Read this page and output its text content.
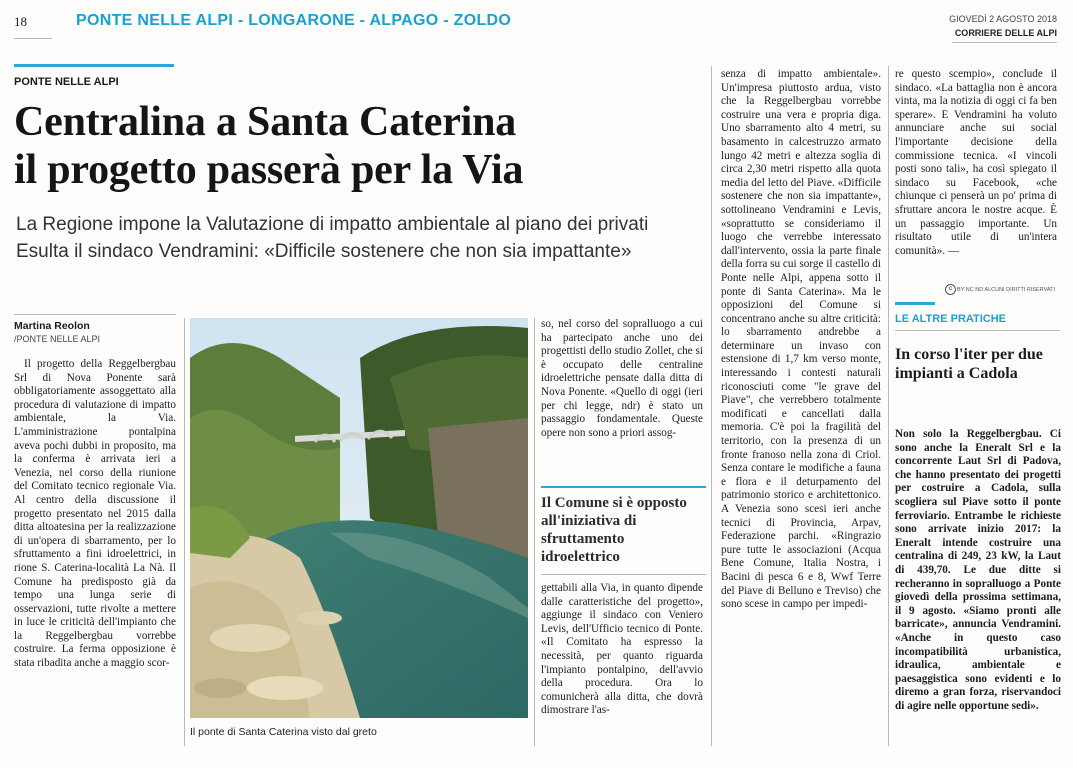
18	PONTE NELLE ALPI - LONGARONE - ALPAGO - ZOLDO	GIOVEDÌ 2 AGOSTO 2018
CORRIERE DELLE ALPI
PONTE NELLE ALPI
Centralina a Santa Caterina
il progetto passerà per la Via
La Regione impone la Valutazione di impatto ambientale al piano dei privati
Esulta il sindaco Vendramini: «Difficile sostenere che non sia impattante»
Martina Reolon
/PONTE NELLE ALPI

Il progetto della Reggelbergbau Srl di Nova Ponente sarà obbligatoriamente assoggettato alla procedura di valutazione di impatto ambientale, la Via. L'amministrazione pontalpina aveva pochi dubbi in proposito, ma la conferma è arrivata ieri a Venezia, nel corso della riunione del Comitato tecnico regionale Via. Al centro della discussione il progetto presentato nel 2015 dalla ditta altoatesina per la realizzazione di un'opera di sbarramento, per lo sfruttamento a fini idroelettrici, in rione S. Caterina-località La Nà. Il Comune ha predisposto già da tempo una lunga serie di osservazioni, tutte rivolte a mettere in luce le criticità dell'impianto che la Reggelbergbau vorrebbe costruire. La ferma opposizione è stata ribadita anche a maggio scor-

Il ponte di Santa Caterina visto dal greto

so, nel corso del sopralluogo a cui ha partecipato anche uno dei progettisti dello studio Zollet, che si è occupato delle centraline idroelettriche pensate dalla ditta di Nova Ponente. «Quello di oggi (ieri per chi legge, ndr) è stato un passaggio fondamentale. Queste opere non sono a priori assog-

Il Comune si è opposto all'iniziativa di sfruttamento idroelettrico

gettabili alla Via, in quanto dipende dalle caratteristiche del progetto», aggiunge il sindaco con Veniero Levis, dell'Ufficio tecnico di Ponte. «Il Comitato ha espresso la necessità, per quanto riguarda l'impianto pontalpino, dell'avvio della procedura. Ora lo comunicherà alla ditta, che dovrà dimostrare l'as-

senza di impatto ambientale». Un'impresa piuttosto ardua, visto che la Reggelbergbau vorrebbe costruire una vera e propria diga. Uno sbarramento alto 4 metri, su basamento in calcestruzzo armato lungo 42 metri e altezza soglia di circa 2,30 metri rispetto alla quota media del letto del Piave. «Difficile sostenere che non sia impattante», sottolineano Vendramini e Levis, «soprattutto se consideriamo il luogo che verrebbe interessato dall'intervento, ossia la parte finale della forra su cui sorge il castello di Ponte nelle Alpi, appena sotto il ponte di Santa Caterina». Ma le opposizioni del Comune si concentrano anche su altre criticità: lo sbarramento andrebbe a determinare un invaso con estensione di 1,7 km verso monte, interessando i contesti naturali riconosciuti come "le grave del Piave", che verrebbero totalmente modificati e cancellati dalla memoria. C'è poi la fragilità del territorio, con la presenza di un fronte franoso nella zona di Criol. Senza contare le modifiche a fauna e flora e il deturpamento del patrimonio storico e architettonico. A Venezia sono scesi ieri anche tecnici di Provincia, Arpav, Federazione parchi. «Ringrazio pure tutte le associazioni (Acqua Bene Comune, Italia Nostra, i Bacini di pesca 6 e 8, Wwf Terre del Piave di Belluno e Treviso) che sono scese in campo per impedi-

re questo scempio», conclude il sindaco. «La battaglia non è ancora vinta, ma la notizia di oggi ci fa ben sperare». E Vendramini ha voluto annunciare anche sui social l'importante decisione della commissione tecnica. «I vincoli posti sono tali», ha così spiegato il sindaco su Facebook, «che chiunque ci penserà un po' prima di sfruttare ancora le nostre acque. È un passaggio importante. Un risultato utile di un'intera comunità». —

c BY NC ND ALCUNI DIRITTI RISERVATI
LE ALTRE PRATICHE
In corso l'iter per due impianti a Cadola
Non solo la Reggelbergbau. Ci sono anche la Eneralt Srl e la concorrente Laut Srl di Padova, che hanno presentato dei progetti per costruire a Cadola, sulla scogliera sul Piave sotto il ponte ferroviario. Entrambe le richieste sono arrivate inizio 2017: la Eneralt intende costruire una centralina di 249, 23 kW, la Laut di 439,70. Le due ditte si recheranno in sopralluogo a Ponte giovedì della prossima settimana, il 9 agosto. «Siamo pronti alle barricate», annuncia Vendramini. «Anche in questo caso incompatibilità urbanistica, idraulica, ambientale e paesaggistica sono evidenti e lo diremo a gran forza, riservandoci di agire nelle opportune sedi».
